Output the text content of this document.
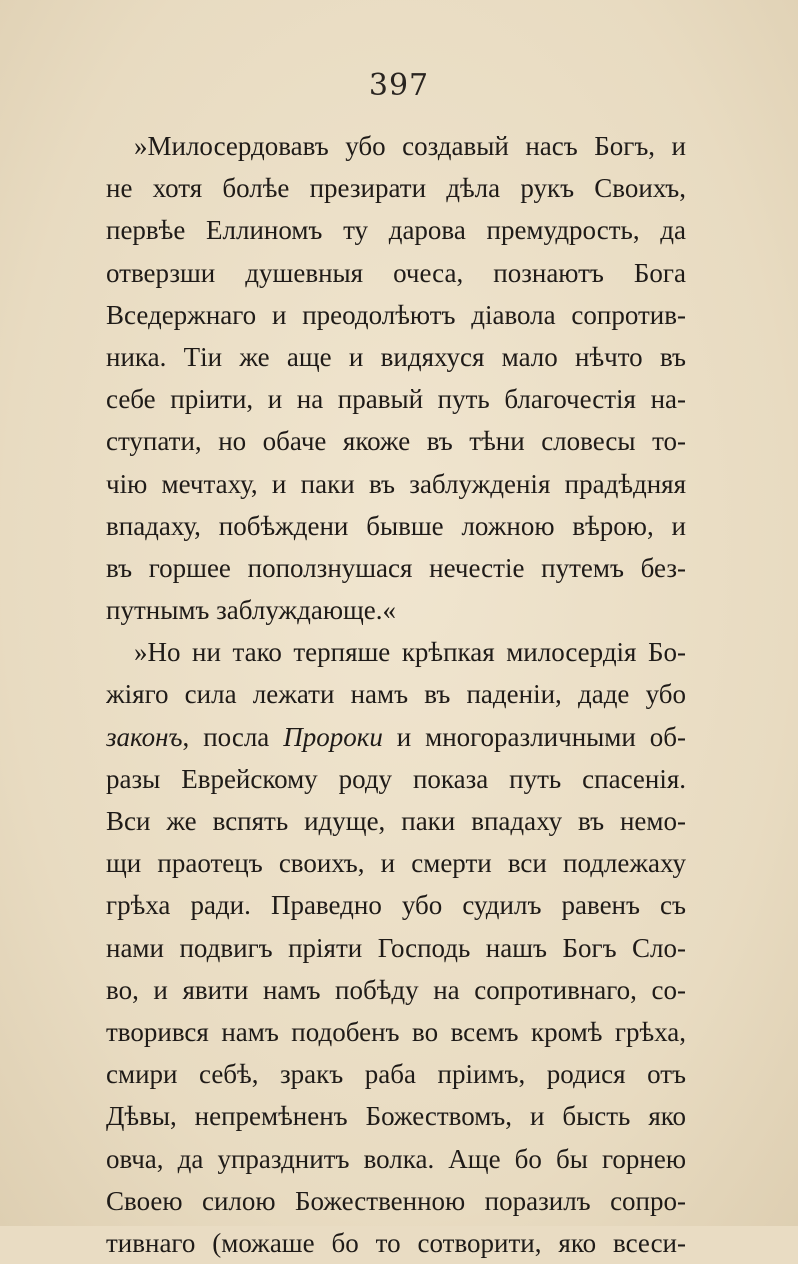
397
»Милосердовавъ убо создавый насъ Богъ, и
не хотя болѣе презирати дѣла рукъ Своихъ,
первѣе Еллиномъ ту дарова премудрость, да
отверзши душевныя очеса, познаютъ Бога
Вседержнаго и преодолѣютъ діавола сопротив-
ника. Тіи же аще и видяхуся мало нѣчто въ
себе пріити, и на правый путь благочестія на-
ступати, но обаче якоже въ тѣни словесы то-
чію мечтаху, и паки въ заблужденія прадѣдняя
впадаху, побѣждени бывше ложною вѣрою, и
въ горшее поползнушася нечестіе путемъ без-
путнымъ заблуждающе.«
»Но ни тако терпяше крѣпкая милосердія Бо-
жіяго сила лежати намъ въ паденіи, даде убо
законъ, посла Пророки и многоразличными об-
разы Еврейскому роду показа путь спасенія.
Вси же вспять идуще, паки впадаху въ немо-
щи праотецъ своихъ, и смерти вси подлежаху
грѣха ради. Праведно убо судилъ равенъ съ
нами подвигъ пріяти Господь нашъ Богъ Сло-
во, и явити намъ побѣду на сопротивнаго, со-
творився намъ подобенъ во всемъ кромѣ грѣха,
смири себѣ, зракъ раба пріимъ, родися отъ
Дѣвы, непремѣненъ Божествомъ, и бысть яко
овча, да упразднитъ волка. Аще бо бы горнею
Своею силою Божественною поразилъ сопро-
тивнаго (можаше бо то сотворити, яко всеси-
